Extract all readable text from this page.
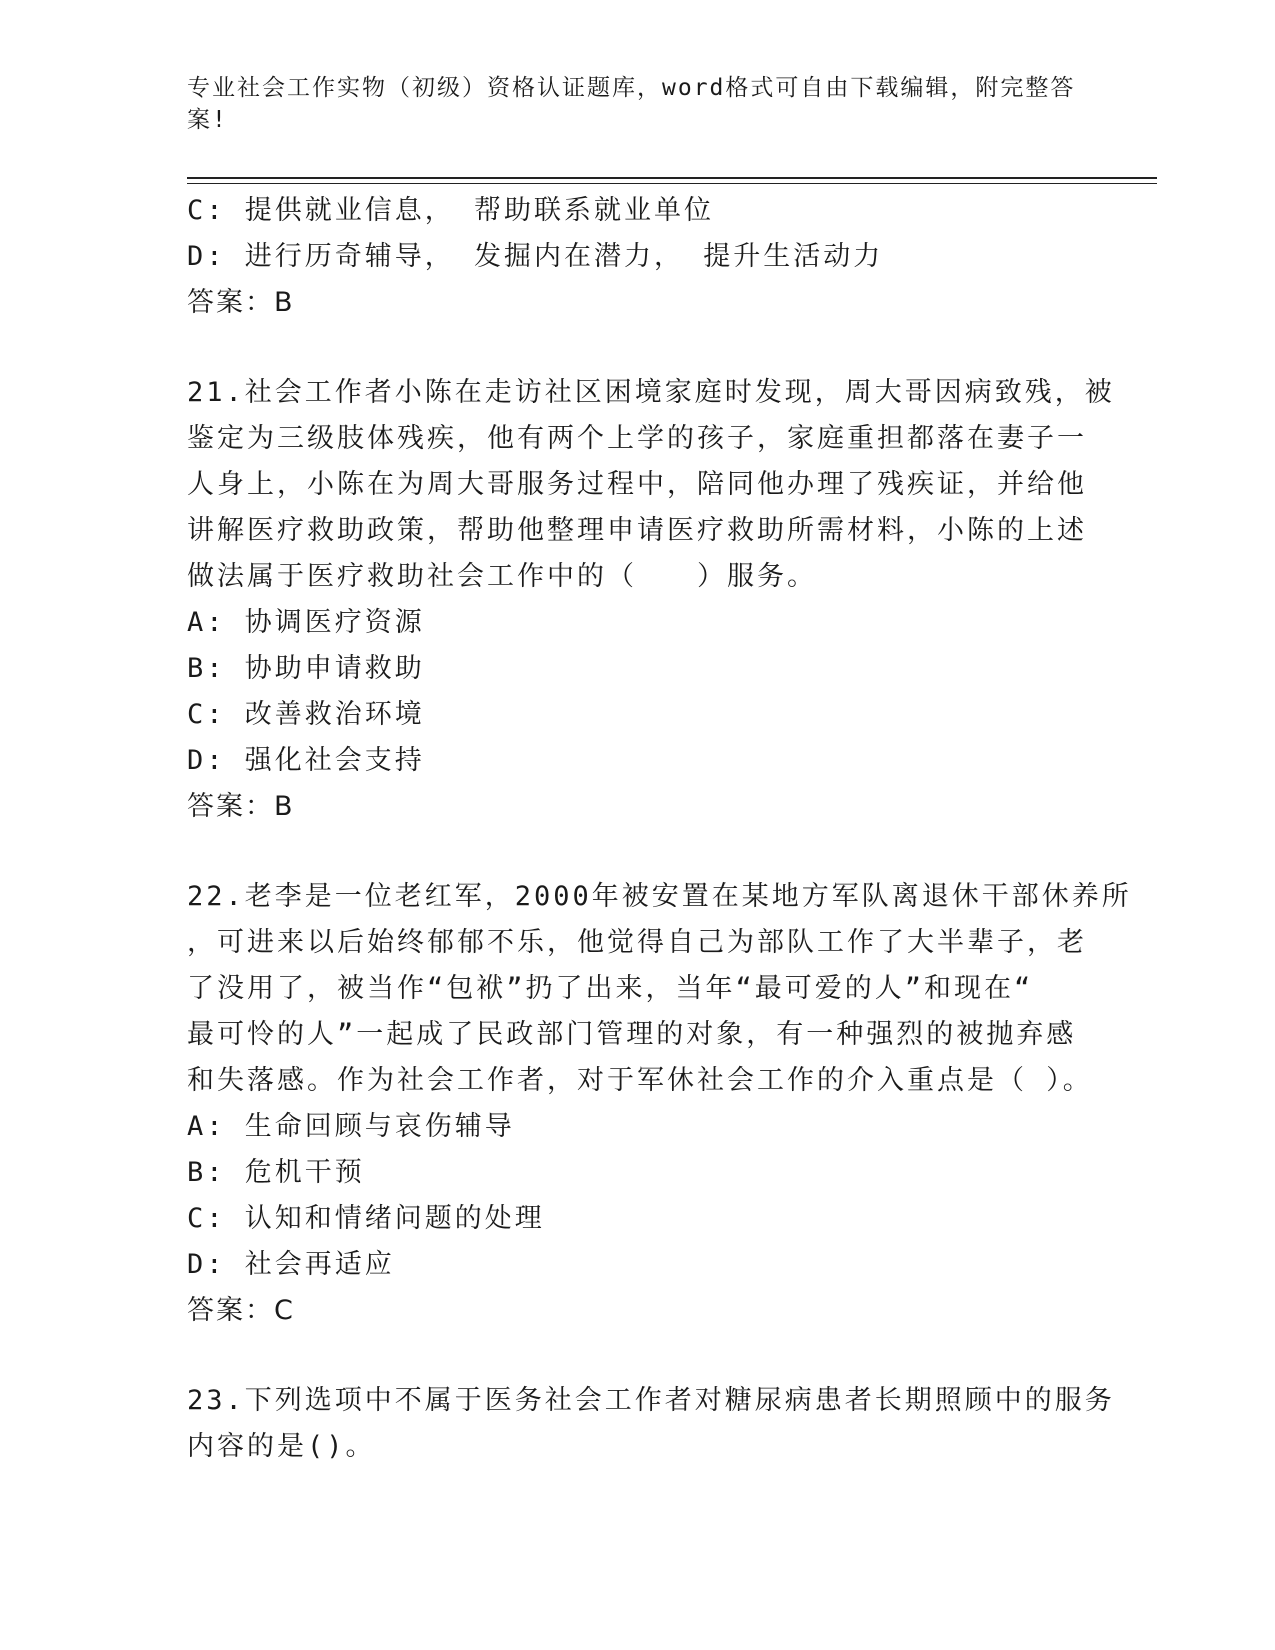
专业社会工作实物（初级）资格认证题库，word格式可自由下载编辑，附完整答
案!
C: 提供就业信息， 帮助联系就业单位
D: 进行历奇辅导， 发掘内在潜力， 提升生活动力
答案：B
21.社会工作者小陈在走访社区困境家庭时发现，周大哥因病致残，被
鉴定为三级肢体残疾，他有两个上学的孩子，家庭重担都落在妻子一
人身上，小陈在为周大哥服务过程中，陪同他办理了残疾证，并给他
讲解医疗救助政策，帮助他整理申请医疗救助所需材料，小陈的上述
做法属于医疗救助社会工作中的（　　）服务。
A: 协调医疗资源
B: 协助申请救助
C: 改善救治环境
D: 强化社会支持
答案：B
22.老李是一位老红军，2000年被安置在某地方军队离退休干部休养所
，可进来以后始终郁郁不乐，他觉得自己为部队工作了大半辈子，老
了没用了，被当作“包袱”扔了出来，当年“最可爱的人”和现在“
最可怜的人”一起成了民政部门管理的对象，有一种强烈的被抛弃感
和失落感。作为社会工作者，对于军休社会工作的介入重点是（ ）。
A: 生命回顾与哀伤辅导
B: 危机干预
C: 认知和情绪问题的处理
D: 社会再适应
答案：C
23.下列选项中不属于医务社会工作者对糖尿病患者长期照顾中的服务
内容的是()。
